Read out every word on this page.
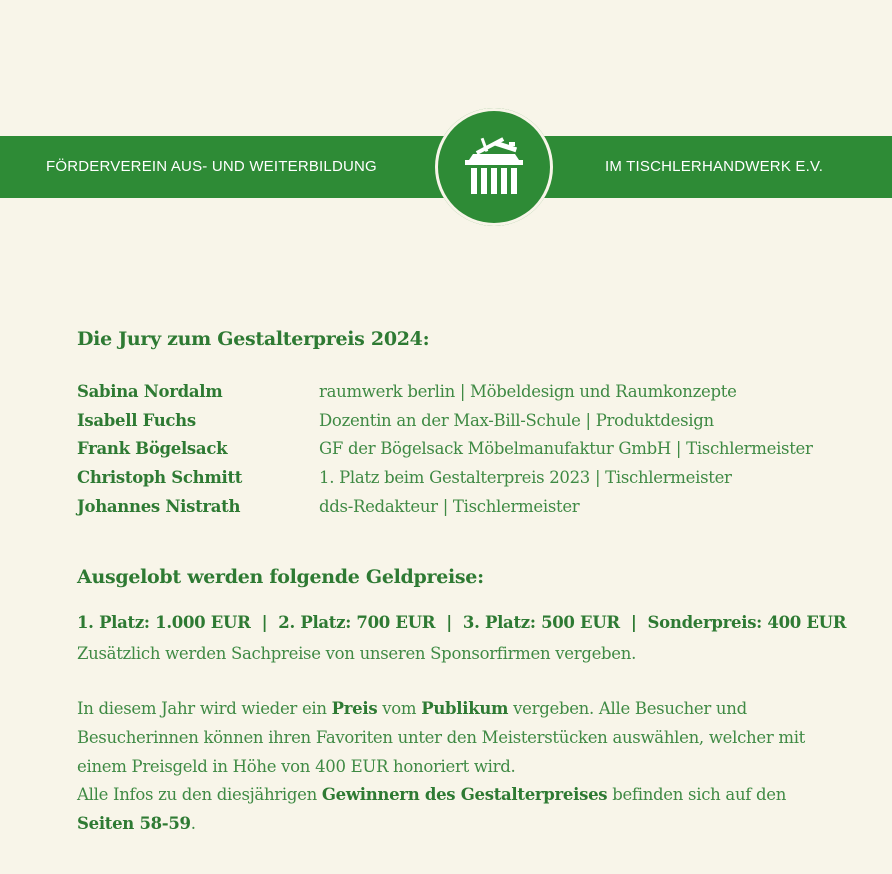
FÖRDERVEREIN AUS- UND WEITERBILDUNG	IM TISCHLERHANDWERK E.V.
Die Jury zum Gestalterpreis 2024:
Sabina Nordalm	raumwerk berlin | Möbeldesign und Raumkonzepte
Isabell Fuchs	Dozentin an der Max-Bill-Schule | Produktdesign
Frank Bögelsack	GF der Bögelsack Möbelmanufaktur GmbH | Tischlermeister
Christoph Schmitt	1. Platz beim Gestalterpreis 2023 | Tischlermeister
Johannes Nistrath	dds-Redakteur | Tischlermeister
Ausgelobt werden folgende Geldpreise:
1. Platz: 1.000 EUR | 2. Platz: 700 EUR | 3. Platz: 500 EUR | Sonderpreis: 400 EUR
Zusätzlich werden Sachpreise von unseren Sponsorfirmen vergeben.
In diesem Jahr wird wieder ein Preis vom Publikum vergeben. Alle Besucher und Besucherinnen können ihren Favoriten unter den Meisterstücken auswählen, welcher mit einem Preisgeld in Höhe von 400 EUR honoriert wird.
Alle Infos zu den diesjährigen Gewinnern des Gestalterpreises befinden sich auf den Seiten 58-59.
